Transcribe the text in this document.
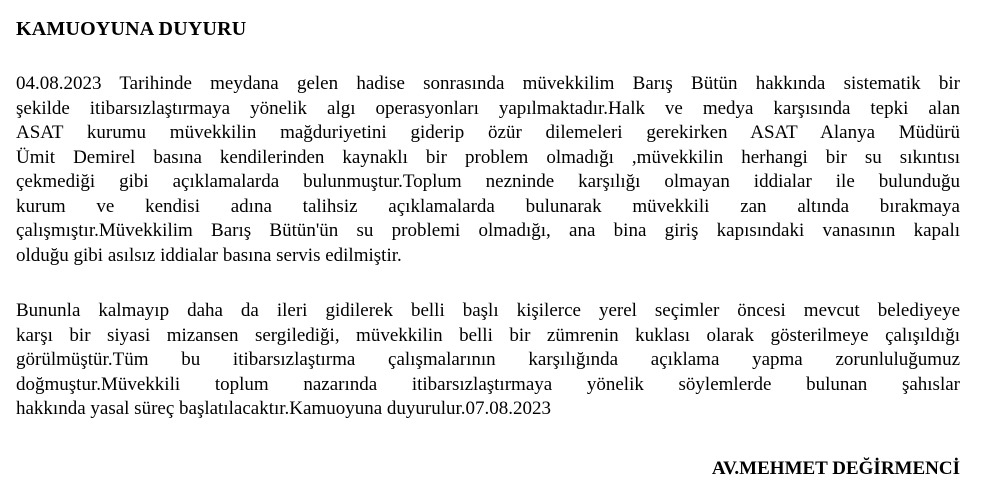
KAMUOYUNA DUYURU
04.08.2023 Tarihinde meydana gelen hadise sonrasında müvekkilim Barış Bütün hakkında sistematik bir
şekilde itibarsızlaştırmaya yönelik algı operasyonları yapılmaktadır.Halk ve medya karşısında tepki alan
ASAT kurumu müvekkilin mağduriyetini giderip özür dilemeleri gerekirken ASAT Alanya Müdürü
Ümit Demirel basına kendilerinden kaynaklı bir problem olmadığı ,müvekkilin herhangi bir su sıkıntısı
çekmediği gibi açıklamalarda bulunmuştur.Toplum nezninde karşılığı olmayan iddialar ile bulunduğu
kurum ve kendisi adına talihsiz açıklamalarda bulunarak müvekkili zan altında bırakmaya
çalışmıştır.Müvekkilim Barış Bütün'ün su problemi olmadığı, ana bina giriş kapısındaki vanasının kapalı
olduğu gibi asılsız iddialar basına servis edilmiştir.
Bununla kalmayıp daha da ileri gidilerek belli başlı kişilerce yerel seçimler öncesi mevcut belediyeye
karşı bir siyasi mizansen sergilediği, müvekkilin belli bir zümrenin kuklası olarak gösterilmeye çalışıldığı
görülmüştür.Tüm bu itibarsızlaştırma çalışmalarının karşılığında açıklama yapma zorunluluğumuz
doğmuştur.Müvekkili toplum nazarında itibarsızlaştırmaya yönelik söylemlerde bulunan şahıslar
hakkında yasal süreç başlatılacaktır.Kamuoyuna duyurulur.07.08.2023

AV.MEHMET DEĞİRMENCİ
